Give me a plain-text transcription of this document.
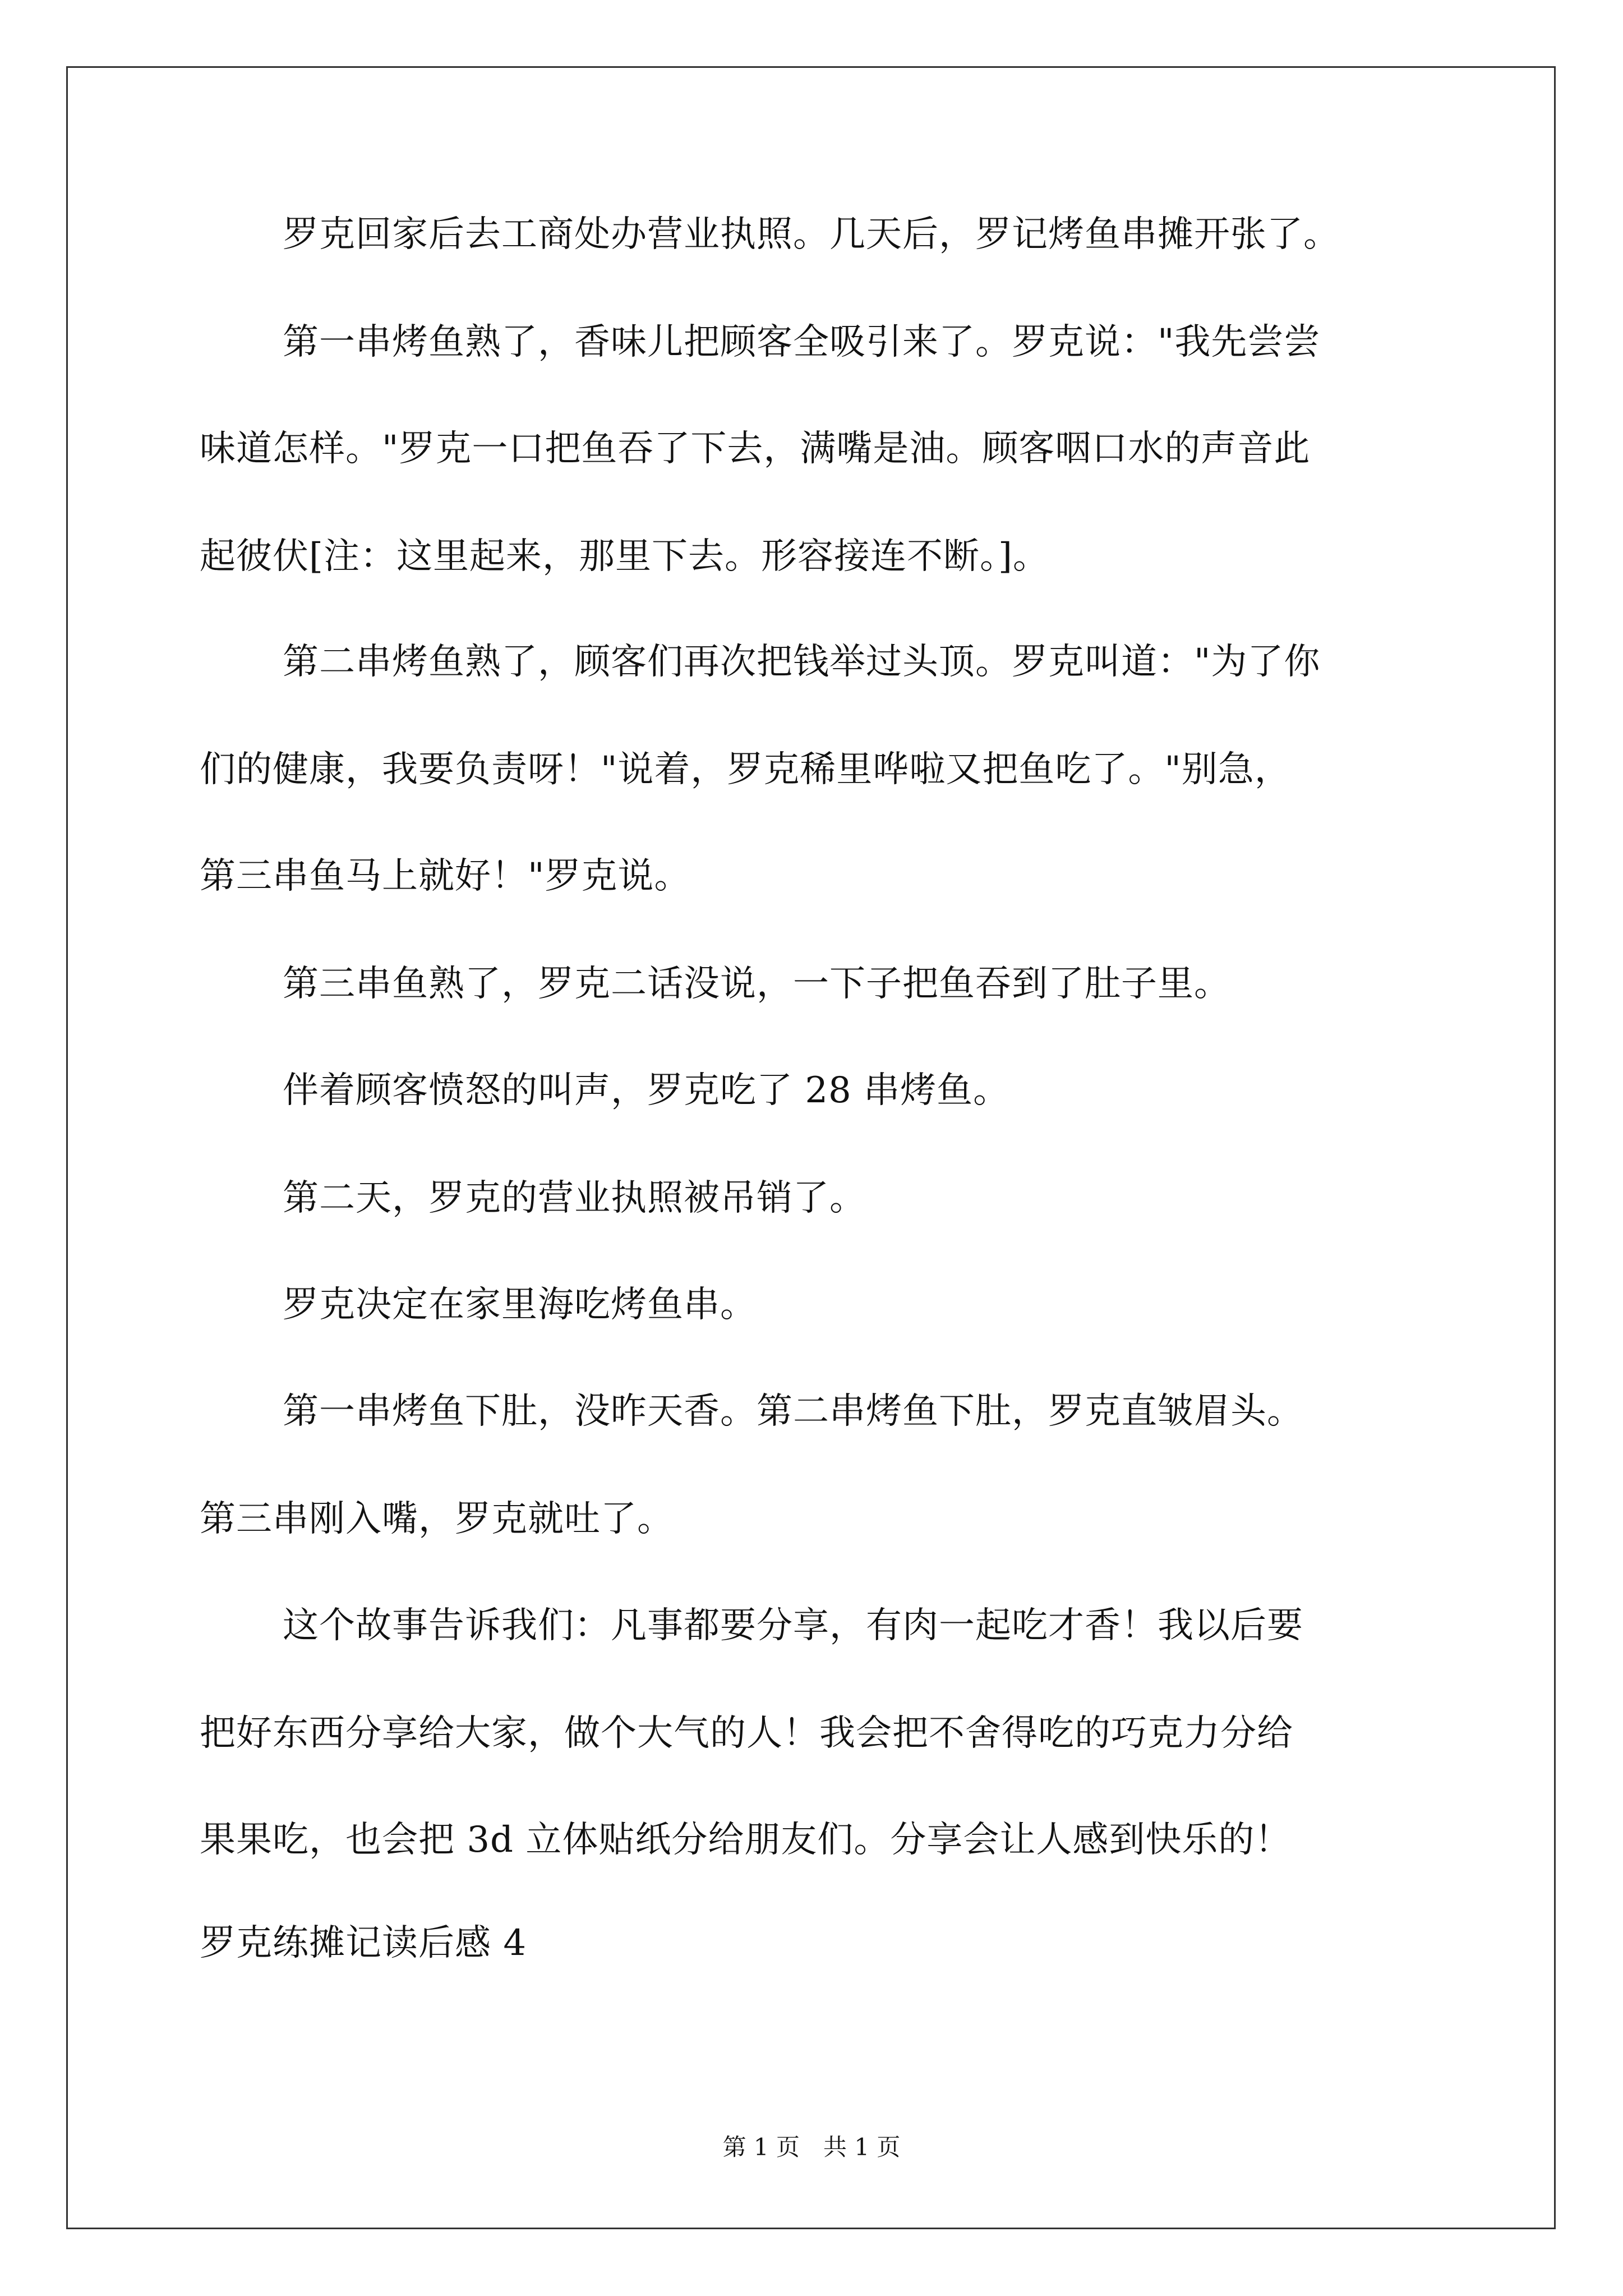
罗克回家后去工商处办营业执照。几天后，罗记烤鱼串摊开张了。
第一串烤鱼熟了，香味儿把顾客全吸引来了。罗克说："我先尝尝
味道怎样。"罗克一口把鱼吞了下去，满嘴是油。顾客咽口水的声音此
起彼伏[注：这里起来，那里下去。形容接连不断。]。
第二串烤鱼熟了，顾客们再次把钱举过头顶。罗克叫道："为了你
们的健康，我要负责呀！"说着，罗克稀里哗啦又把鱼吃了。"别急，
第三串鱼马上就好！"罗克说。
第三串鱼熟了，罗克二话没说，一下子把鱼吞到了肚子里。
伴着顾客愤怒的叫声，罗克吃了 28 串烤鱼。
第二天，罗克的营业执照被吊销了。
罗克决定在家里海吃烤鱼串。
第一串烤鱼下肚，没昨天香。第二串烤鱼下肚，罗克直皱眉头。
第三串刚入嘴，罗克就吐了。
这个故事告诉我们：凡事都要分享，有肉一起吃才香！我以后要
把好东西分享给大家，做个大气的人！我会把不舍得吃的巧克力分给
果果吃，也会把 3d 立体贴纸分给朋友们。分享会让人感到快乐的！
罗克练摊记读后感 4
第 1 页　共 1 页
